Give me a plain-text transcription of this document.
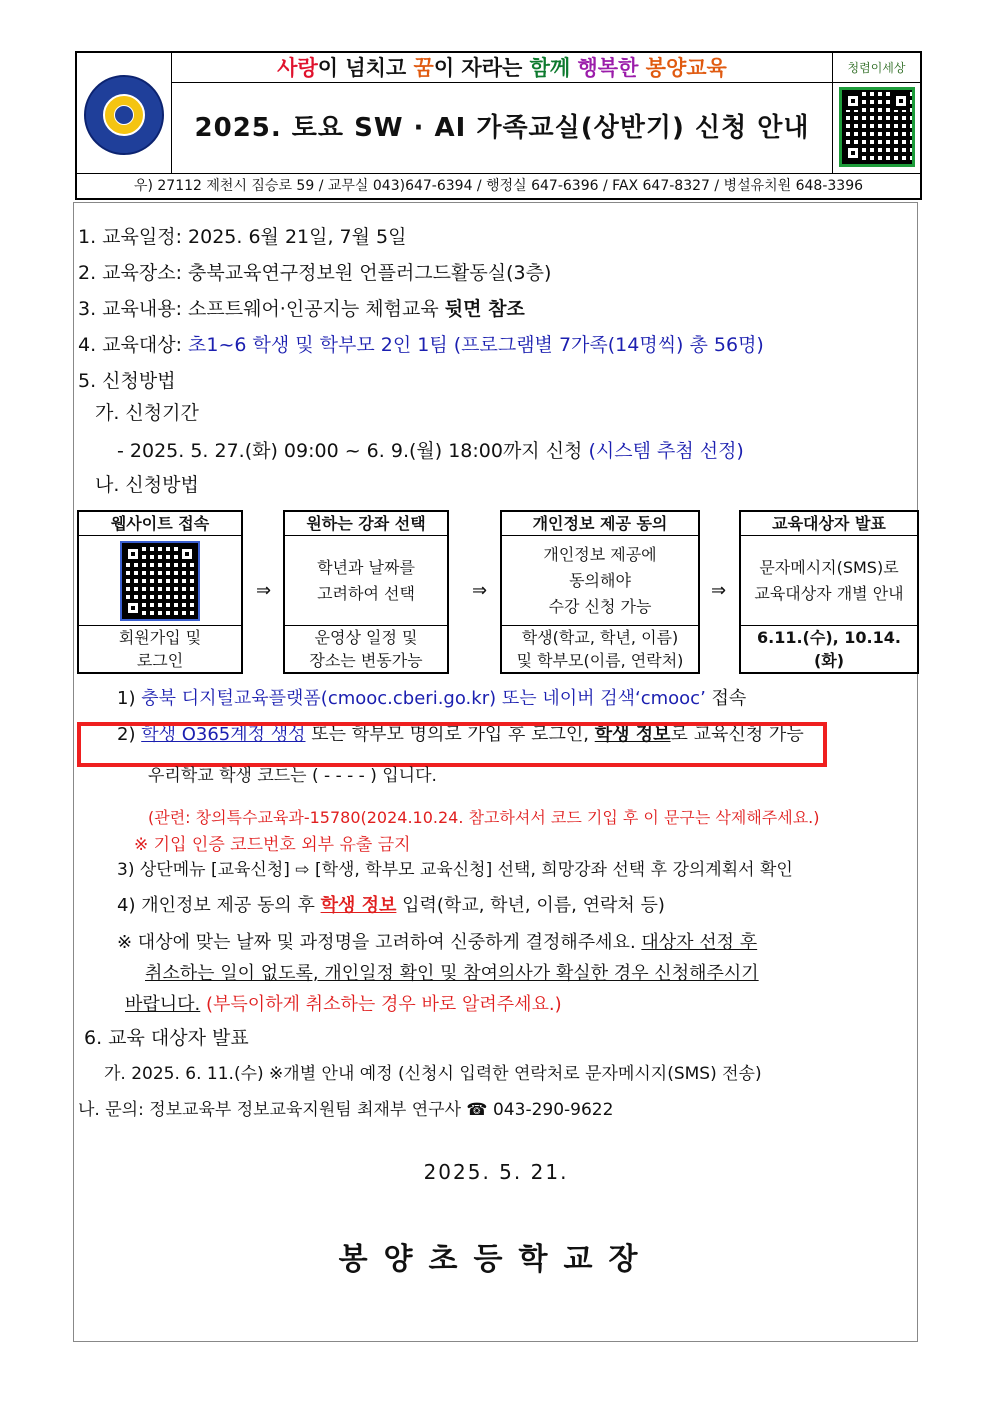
사랑이 넘치고 꿈이 자라는 함께 행복한 봉양교육
2025. 토요 SW · AI 가족교실(상반기) 신청 안내
청렴이세상
우) 27112 제천시 짐승로 59 / 교무실 043)647-6394 / 행정실 647-6396 / FAX 647-8327 / 병설유치원 648-3396
1. 교육일정: 2025. 6월 21일, 7월 5일
2. 교육장소: 충북교육연구정보원 언플러그드활동실(3층)
3. 교육내용: 소프트웨어·인공지능 체험교육 뒷면 참조
4. 교육대상: 초1~6 학생 및 학부모 2인 1팀 (프로그램별 7가족(14명씩) 총 56명)
5. 신청방법
가. 신청기간
- 2025. 5. 27.(화) 09:00 ~ 6. 9.(월) 18:00까지 신청 (시스템 추첨 선정)
나. 신청방법
웹사이트 접속
회원가입 및
로그인
⇒
원하는 강좌 선택
학년과 날짜를
고려하여 선택
운영상 일정 및
장소는 변동가능
⇒
개인정보 제공 동의
개인정보 제공에
동의해야
수강 신청 가능
학생(학교, 학년, 이름)
및 학부모(이름, 연락처)
⇒
교육대상자 발표
문자메시지(SMS)로
교육대상자 개별 안내
6.11.(수), 10.14.
(화)
1) 충북 디지털교육플랫폼(cmooc.cberi.go.kr) 또는 네이버 검색‘cmooc’ 접속
2) 학생 O365계정 생성 또는 학부모 명의로 가입 후 로그인, 학생 정보로 교육신청 가능
우리학교 학생 코드는 ( - - - - ) 입니다.
(관련: 창의특수교육과-15780(2024.10.24. 참고하셔서 코드 기입 후 이 문구는 삭제해주세요.)
※ 기입 인증 코드번호 외부 유출 금지
3) 상단메뉴 [교육신청] ⇨ [학생, 학부모 교육신청] 선택, 희망강좌 선택 후 강의계획서 확인
4) 개인정보 제공 동의 후 학생 정보 입력(학교, 학년, 이름, 연락처 등)
※ 대상에 맞는 날짜 및 과정명을 고려하여 신중하게 결정해주세요. 대상자 선정 후
취소하는 일이 없도록, 개인일정 확인 및 참여의사가 확실한 경우 신청해주시기
바랍니다. (부득이하게 취소하는 경우 바로 알려주세요.)
6. 교육 대상자 발표
가. 2025. 6. 11.(수) ※개별 안내 예정 (신청시 입력한 연락처로 문자메시지(SMS) 전송)
나. 문의: 정보교육부 정보교육지원팀 최재부 연구사 ☎ 043-290-9622
2025. 5. 21.
봉양초등학교장
